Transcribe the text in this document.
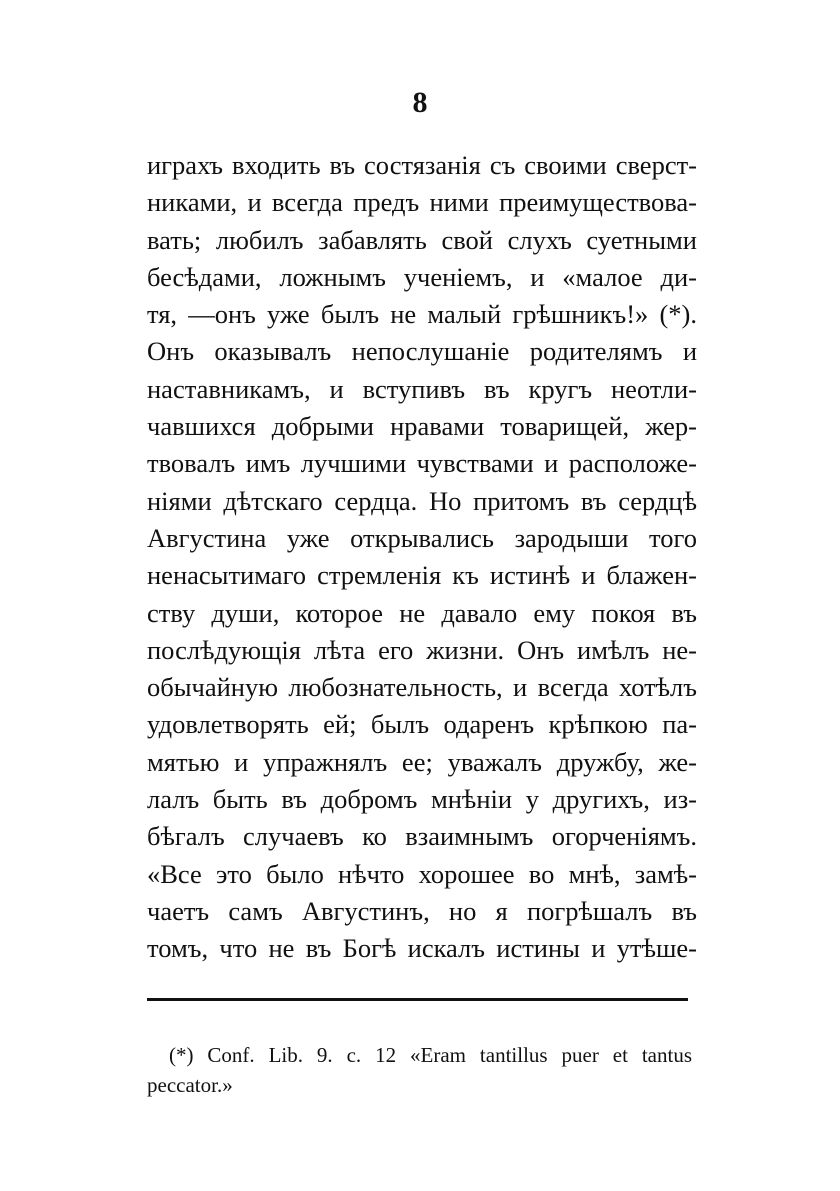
8
играхъ входить въ состязанія съ своими сверст-
никами, и всегда предъ ними преимуществова-
вать; любилъ забавлять свой слухъ суетными
бесѣдами, ложнымъ ученіемъ, и «малое ди-
тя, —онъ уже былъ не малый грѣшникъ!» (*).
Онъ оказывалъ непослушаніе родителямъ и
наставникамъ, и вступивъ въ кругъ неотли-
чавшихся добрыми нравами товарищей, жер-
твовалъ имъ лучшими чувствами и расположе-
ніями дѣтскаго сердца. Но притомъ въ сердцѣ
Августина уже открывались зародыши того
ненасытимаго стремленія къ истинѣ и блажен-
ству души, которое не давало ему покоя въ
послѣдующія лѣта его жизни. Онъ имѣлъ не-
обычайную любознательность, и всегда хотѣлъ
удовлетворять ей; былъ одаренъ крѣпкою па-
мятью и упражнялъ ее; уважалъ дружбу, же-
лалъ быть въ добромъ мнѣніи у другихъ, из-
бѣгалъ случаевъ ко взаимнымъ огорченіямъ.
«Все это было нѣчто хорошее во мнѣ, замѣ-
чаетъ самъ Августинъ, но я погрѣшалъ въ
томъ, что не въ Богѣ искалъ истины и утѣше-
(*) Conf. Lib. 9. c. 12 «Eram tantillus puer et tantus
peccator.»
